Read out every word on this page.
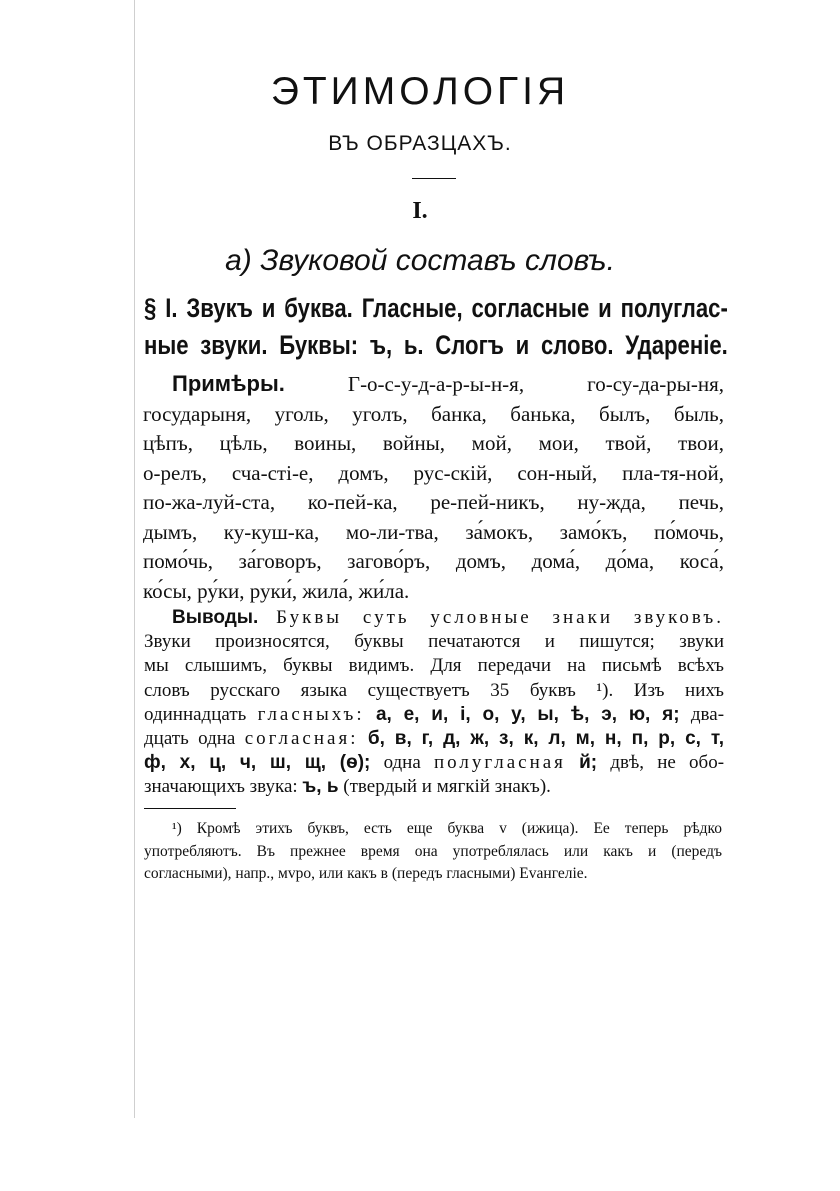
ЭТИМОЛОГІЯ
ВЪ ОБРАЗЦАХЪ.
I.
а) Звуковой составъ словъ.
§ I. Звукъ и буква. Гласные, согласные и полуглас-
ные звуки. Буквы: ъ, ь. Слогъ и слово. Удареніе.
Примѣры.	Г-о-с-у-д-а-р-ы-н-я, го-су-да-ры-ня,
государыня, уголь, уголъ, банка, банька, былъ, быль,
цѣпъ, цѣль, воины, войны, мой, мои, твой, твои,
о-релъ, сча-стi-е, домъ, рус-скій, сон-ный, пла-тя-ной,
по-жа-луй-ста, ко-пей-ка, ре-пей-никъ, ну-жда, печь,
дымъ, ку-куш-ка, мо-ли-тва, за́мокъ, замо́къ, по́мочь,
помо́чь, за́говоръ, загово́ръ, домъ, дома́, до́ма, коса́,
ко́сы, ру́ки, руки́, жила́, жи́ла.
Выводы. Буквы суть условные знаки звуковъ.
Звуки произносятся, буквы печатаются и пишутся; звуки
мы слышимъ, буквы видимъ. Для передачи на письмѣ всѣхъ
словъ русскаго языка существуетъ 35 буквъ ¹). Изъ нихъ
одиннадцать гласныхъ: а, е, и, і, о, у, ы, ѣ, э, ю, я; два-
дцать одна согласная: б, в, г, д, ж, з, к, л, м, н, п, р, с, т,
ф, х, ц, ч, ш, щ, (ѳ); одна полугласная й; двѣ, не обо-
значающихъ звука: ъ, ь (твердый и мягкій знакъ).
¹) Кромѣ этихъ буквъ, есть еще буква v (ижица). Ее теперь рѣдко
употребляютъ. Въ прежнее время она употреблялась или какъ и (передъ
согласными), напр., мvро, или какъ в (передъ гласными) Еvангеліе.
